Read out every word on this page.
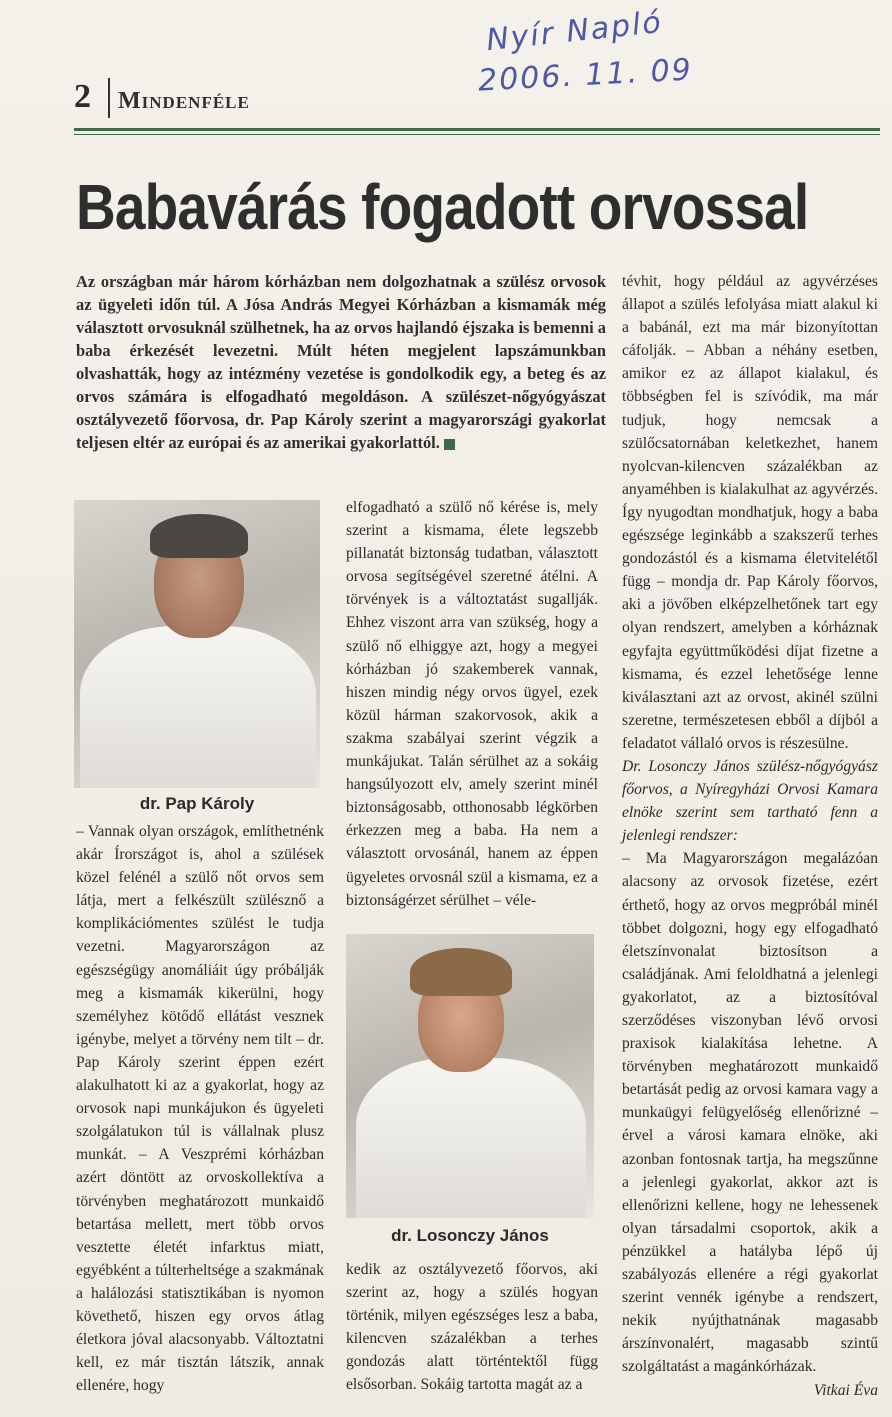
Nyír Napló
2006. 11. 09
2 Mindenféle
Babavárás fogadott orvossal
Az országban már három kórházban nem dolgozhatnak a szülész orvosok az ügyeleti időn túl. A Jósa András Megyei Kórházban a kismamák még választott orvosuknál szülhetnek, ha az orvos hajlandó éjszaka is bemenni a baba érkezését levezetni. Múlt héten megjelent lapszámunkban olvashatták, hogy az intézmény vezetése is gondolkodik egy, a beteg és az orvos számára is elfogadható megoldáson. A szülészet-nőgyógyászat osztályvezető főorvosa, dr. Pap Károly szerint a magyarországi gyakorlat teljesen eltér az európai és az amerikai gyakorlattól.
dr. Pap Károly

– Vannak olyan országok, említhetnénk akár Írországot is, ahol a szülések közel felénél a szülő nőt orvos sem látja, mert a felkészült szülésznő a komplikációmentes szülést le tudja vezetni. Magyarországon az egészségügy anomáliáit úgy próbálják meg a kismamák kikerülni, hogy személyhez kötődő ellátást vesznek igénybe, melyet a törvény nem tilt – dr. Pap Károly szerint éppen ezért alakulhatott ki az a gyakorlat, hogy az orvosok napi munkájukon és ügyeleti szolgálatukon túl is vállalnak plusz munkát. – A Veszprémi kórházban azért döntött az orvoskollektíva a törvényben meghatározott munkaidő betartása mellett, mert több orvos vesztette életét infarktus miatt, egyébként a túlterheltsége a szakmának a halálozási statisztikában is nyomon követhető, hiszen egy orvos átlag életkora jóval alacsonyabb. Változtatni kell, ez már tisztán látszik, annak ellenére, hogy

elfogadható a szülő nő kérése is, mely szerint a kismama, élete legszebb pillanatát biztonság tudatban, választott orvosa segítségével szeretné átélni. A törvények is a változtatást sugallják. Ehhez viszont arra van szükség, hogy a szülő nő elhiggye azt, hogy a megyei kórházban jó szakemberek vannak, hiszen mindig négy orvos ügyel, ezek közül hárman szakorvosok, akik a szakma szabályai szerint végzik a munkájukat. Talán sérülhet az a sokáig hangsúlyozott elv, amely szerint minél biztonságosabb, otthonosabb légkörben érkezzen meg a baba. Ha nem a választott orvosánál, hanem az éppen ügyeletes orvosnál szül a kismama, ez a biztonságérzet sérülhet – véle-

dr. Losonczy János

kedik az osztályvezető főorvos, aki szerint az, hogy a szülés hogyan történik, milyen egészséges lesz a baba, kilencven százalékban a terhes gondozás alatt történtektől függ elsősorban. Sokáig tartotta magát az a

tévhit, hogy például az agyvérzéses állapot a szülés lefolyása miatt alakul ki a babánál, ezt ma már bizonyítottan cáfolják. – Abban a néhány esetben, amikor ez az állapot kialakul, és többségben fel is szívódik, ma már tudjuk, hogy nemcsak a szülőcsatornában keletkezhet, hanem nyolcvan-kilencven százalékban az anyaméhben is kialakulhat az agyvérzés. Így nyugodtan mondhatjuk, hogy a baba egészsége leginkább a szakszerű terhes gondozástól és a kismama életvitelétől függ – mondja dr. Pap Károly főorvos, aki a jövőben elképzelhetőnek tart egy olyan rendszert, amelyben a kórháznak egyfajta együttműködési díjat fizetne a kismama, és ezzel lehetősége lenne kiválasztani azt az orvost, akinél szülni szeretne, természetesen ebből a díjból a feladatot vállaló orvos is részesülne.

Dr. Losonczy János szülész-nőgyógyász főorvos, a Nyíregyházi Orvosi Kamara elnöke szerint sem tartható fenn a jelenlegi rendszer:

– Ma Magyarországon megalázóan alacsony az orvosok fizetése, ezért érthető, hogy az orvos megpróbál minél többet dolgozni, hogy egy elfogadható életszínvonalat biztosítson a családjának. Ami feloldhatná a jelenlegi gyakorlatot, az a biztosítóval szerződéses viszonyban lévő orvosi praxisok kialakítása lehetne. A törvényben meghatározott munkaidő betartását pedig az orvosi kamara vagy a munkaügyi felügyelőség ellenőrizné – érvel a városi kamara elnöke, aki azonban fontosnak tartja, ha megszűnne a jelenlegi gyakorlat, akkor azt is ellenőrizni kellene, hogy ne lehessenek olyan társadalmi csoportok, akik a pénzükkel a hatályba lépő új szabályozás ellenére a régi gyakorlat szerint vennék igénybe a rendszert, nekik nyújthatnának magasabb árszínvonalért, magasabb szintű szolgáltatást a magánkórházak.

Vitkai Éva
